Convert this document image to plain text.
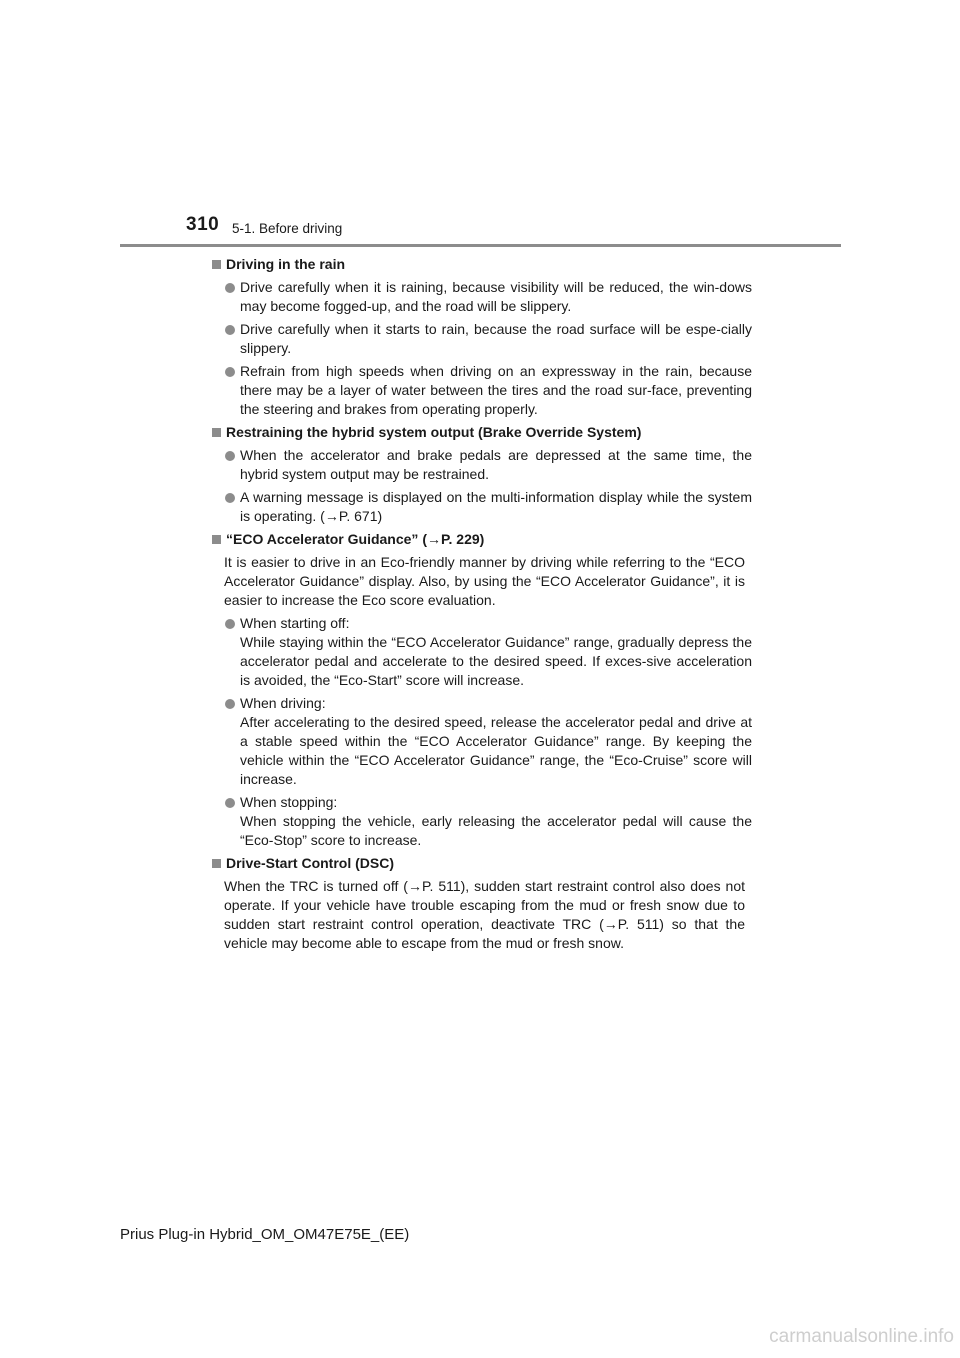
310 5-1. Before driving
Driving in the rain
Drive carefully when it is raining, because visibility will be reduced, the win-dows may become fogged-up, and the road will be slippery.
Drive carefully when it starts to rain, because the road surface will be espe-cially slippery.
Refrain from high speeds when driving on an expressway in the rain, because there may be a layer of water between the tires and the road sur-face, preventing the steering and brakes from operating properly.
Restraining the hybrid system output (Brake Override System)
When the accelerator and brake pedals are depressed at the same time, the hybrid system output may be restrained.
A warning message is displayed on the multi-information display while the system is operating. (→P. 671)
“ECO Accelerator Guidance” (→P. 229)
It is easier to drive in an Eco-friendly manner by driving while referring to the “ECO Accelerator Guidance” display. Also, by using the “ECO Accelerator Guidance”, it is easier to increase the Eco score evaluation.
When starting off:
While staying within the “ECO Accelerator Guidance” range, gradually depress the accelerator pedal and accelerate to the desired speed. If exces-sive acceleration is avoided, the “Eco-Start” score will increase.
When driving:
After accelerating to the desired speed, release the accelerator pedal and drive at a stable speed within the “ECO Accelerator Guidance” range. By keeping the vehicle within the “ECO Accelerator Guidance” range, the “Eco-Cruise” score will increase.
When stopping:
When stopping the vehicle, early releasing the accelerator pedal will cause the “Eco-Stop” score to increase.
Drive-Start Control (DSC)
When the TRC is turned off (→P. 511), sudden start restraint control also does not operate. If your vehicle have trouble escaping from the mud or fresh snow due to sudden start restraint control operation, deactivate TRC (→P. 511) so that the vehicle may become able to escape from the mud or fresh snow.
Prius Plug-in Hybrid_OM_OM47E75E_(EE)
carmanualsonline.info
